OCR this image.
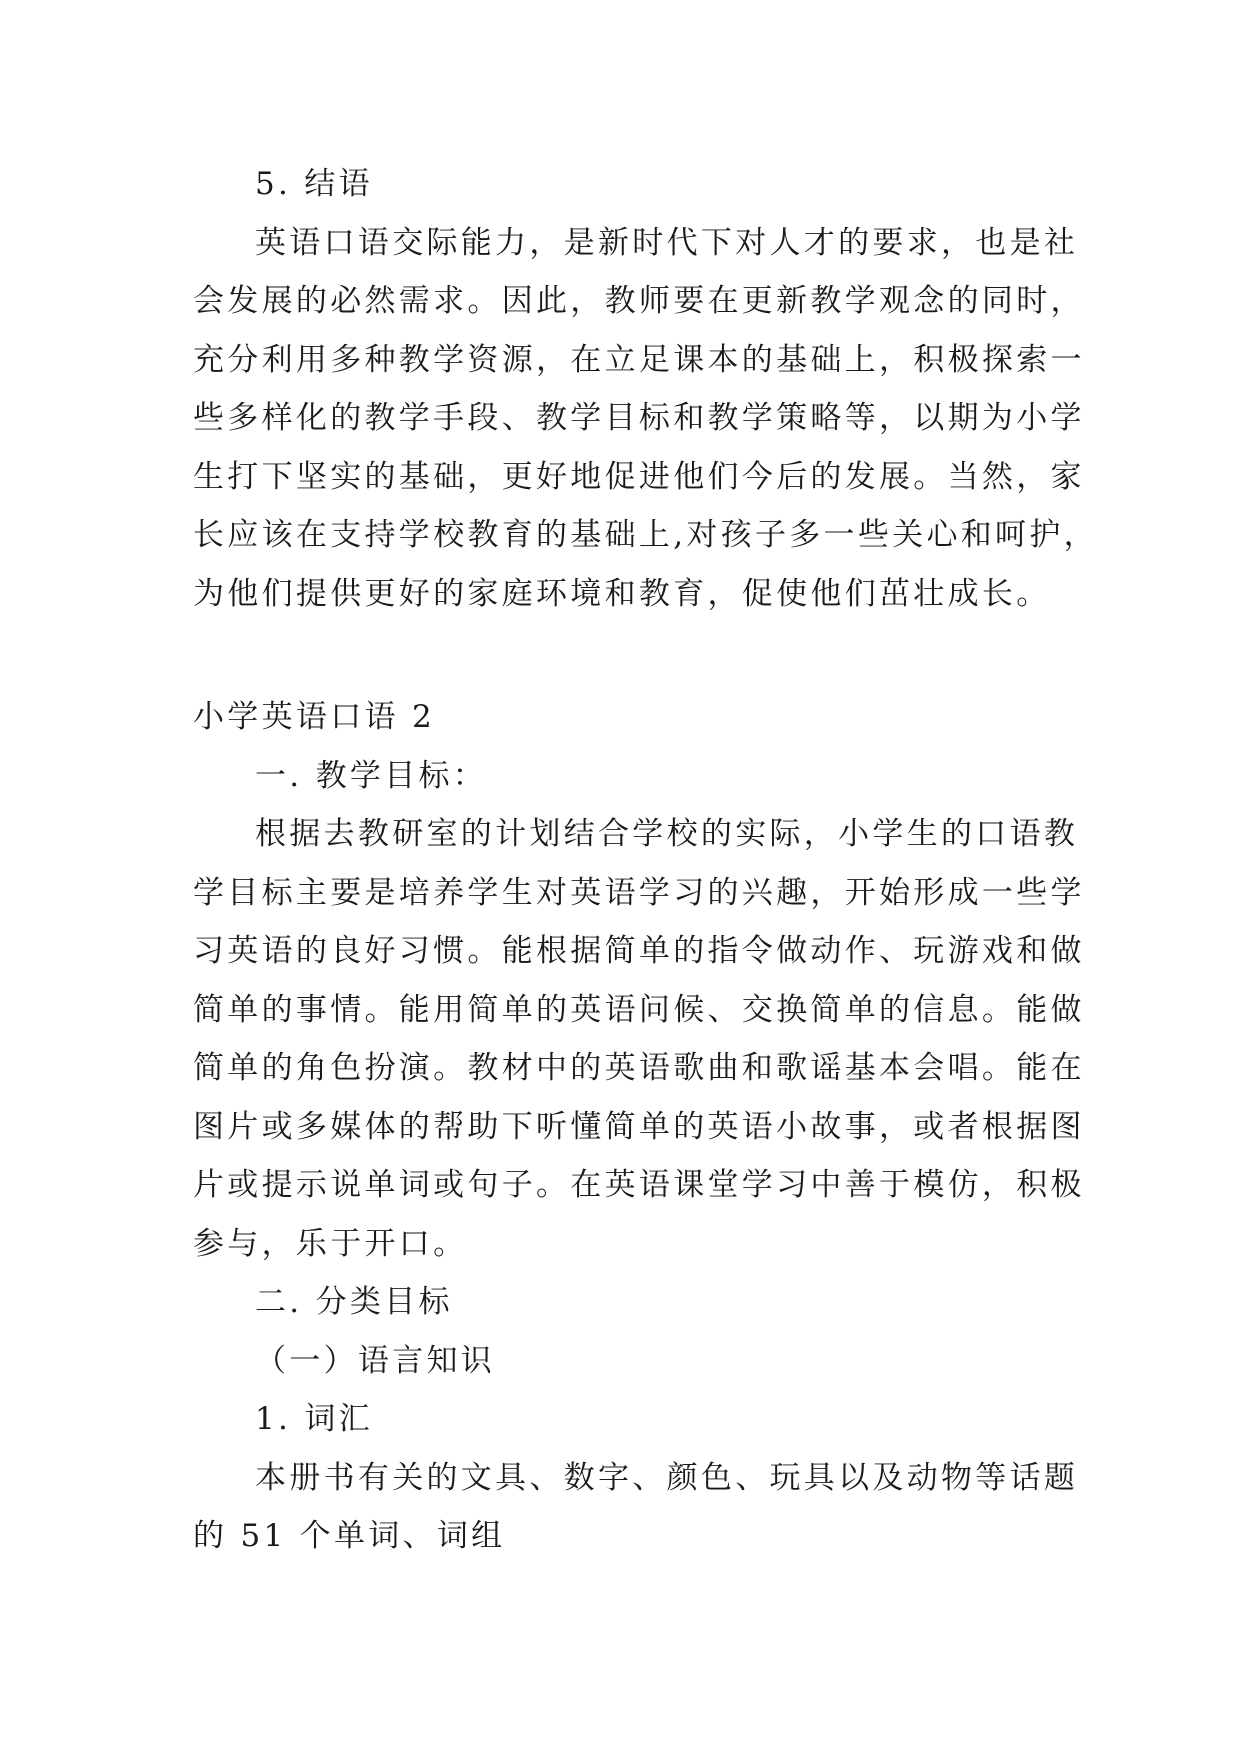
5. 结语
英语口语交际能力，是新时代下对人才的要求，也是社
会发展的必然需求。因此，教师要在更新教学观念的同时，
充分利用多种教学资源，在立足课本的基础上，积极探索一
些多样化的教学手段、教学目标和教学策略等，以期为小学
生打下坚实的基础，更好地促进他们今后的发展。当然，家
长应该在支持学校教育的基础上,对孩子多一些关心和呵护，
为他们提供更好的家庭环境和教育，促使他们茁壮成长。
小学英语口语 2
一. 教学目标：
根据去教研室的计划结合学校的实际，小学生的口语教
学目标主要是培养学生对英语学习的兴趣，开始形成一些学
习英语的良好习惯。能根据简单的指令做动作、玩游戏和做
简单的事情。能用简单的英语问候、交换简单的信息。能做
简单的角色扮演。教材中的英语歌曲和歌谣基本会唱。能在
图片或多媒体的帮助下听懂简单的英语小故事，或者根据图
片或提示说单词或句子。在英语课堂学习中善于模仿，积极
参与，乐于开口。
二. 分类目标
（一）语言知识
1. 词汇
本册书有关的文具、数字、颜色、玩具以及动物等话题
的 51 个单词、词组
